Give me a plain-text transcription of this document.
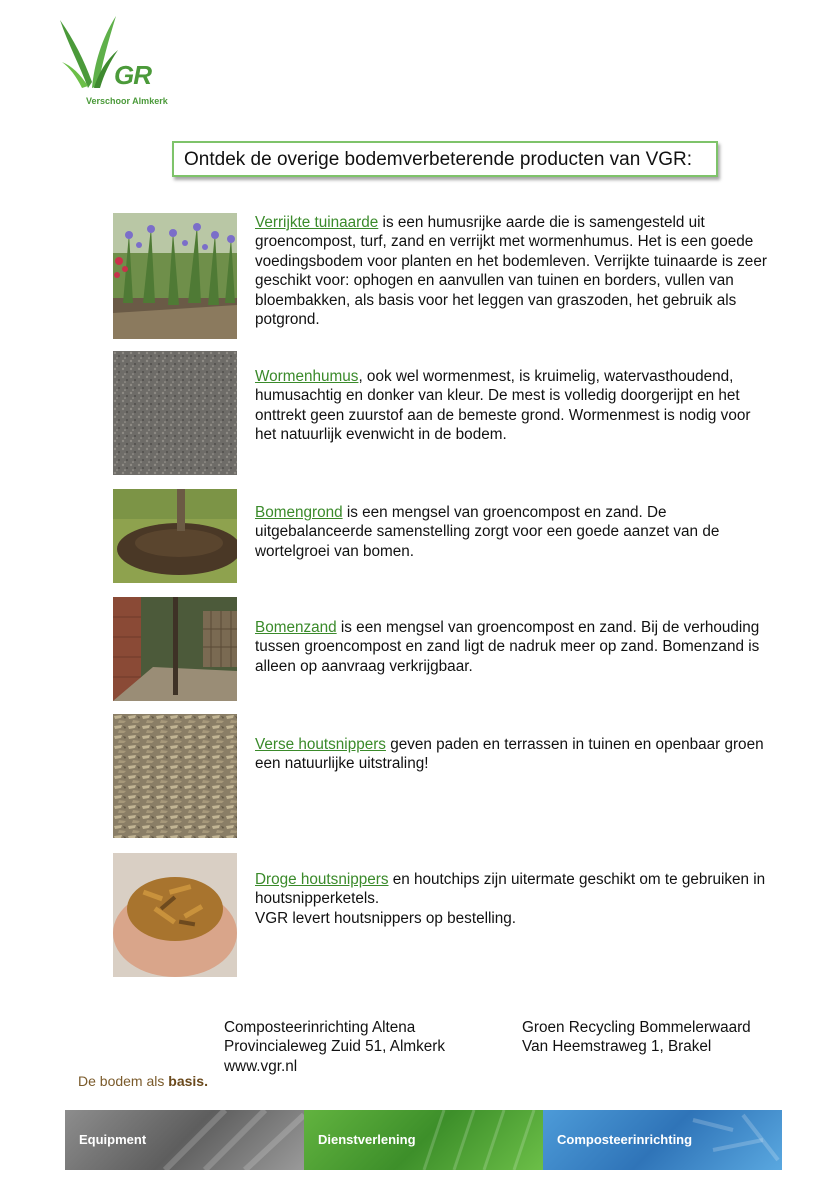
GR
Verschoor Almkerk
Ontdek de overige bodemverbeterende producten van VGR:
Verrijkte tuinaarde is een humusrijke aarde die is samengesteld uit groencompost, turf, zand en verrijkt met wormenhumus. Het is een goede voedingsbodem voor planten en het bodemleven. Verrijkte tuinaarde is zeer geschikt voor: ophogen en aanvullen van tuinen en borders, vullen van bloembakken, als basis voor het leggen van graszoden, het gebruik als potgrond.
Wormenhumus, ook wel wormenmest, is kruimelig, watervasthoudend, humusachtig en donker van kleur. De mest is volledig doorgerijpt en het onttrekt geen zuurstof aan de bemeste grond. Wormenmest is nodig voor het natuurlijk evenwicht in de bodem.
Bomengrond is een mengsel van groencompost en zand. De uitgebalanceerde samenstelling zorgt voor een goede aanzet van de wortelgroei van bomen.
Bomenzand is een mengsel van groencompost en zand. Bij de verhouding tussen groencompost en zand ligt de nadruk meer op zand. Bomenzand is alleen op aanvraag verkrijgbaar.
Verse houtsnippers geven paden en terrassen in tuinen en openbaar groen een natuurlijke uitstraling!
Droge houtsnippers en houtchips zijn uitermate geschikt om te gebruiken in houtsnipperketels.
VGR levert houtsnippers op bestelling.
Composteerinrichting Altena
Provincialeweg Zuid 51, Almkerk
www.vgr.nl
Groen Recycling Bommelerwaard
Van Heemstraweg 1, Brakel
De bodem als basis.
Equipment	Dienstverlening	Composteerinrichting
